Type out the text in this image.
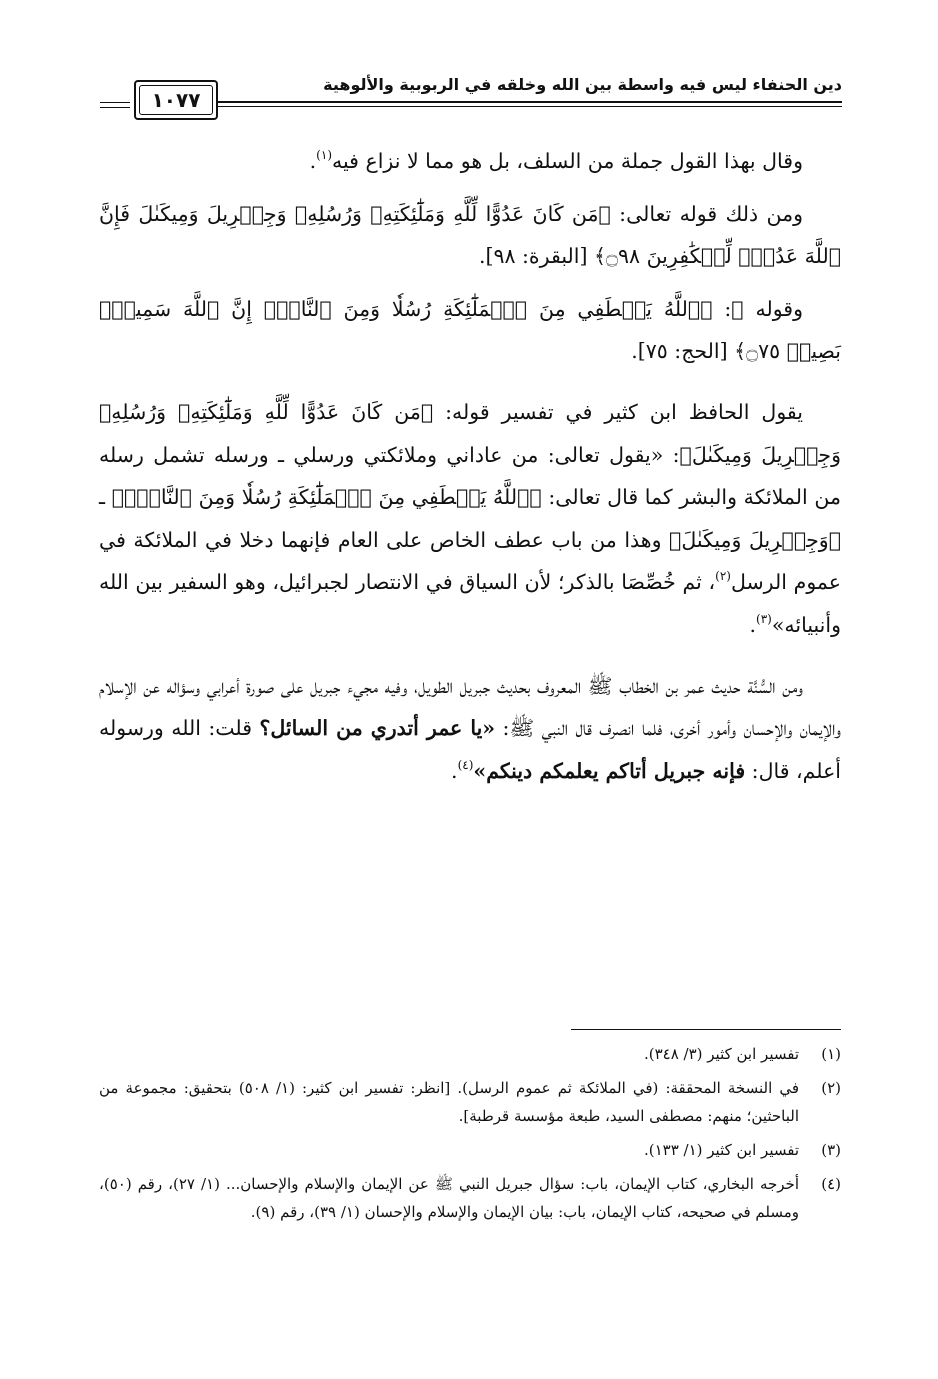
دين الحنفاء ليس فيه واسطة بين الله وخلقه في الربوبية والألوهية
١٠٧٧

وقال بهذا القول جملة من السلف، بل هو مما لا نزاع فيه$^{(١)}$.

ومن ذلك قوله تعالى: ﴿مَن كَانَ عَدُوًّا لِّلَّهِ وَمَلَٰٓئِكَتِهِۦ وَرُسُلِهِۦ وَجِبۡرِيلَ وَمِيكَىٰلَ فَإِنَّ ٱللَّهَ عَدُوّٞ لِّلۡكَٰفِرِينَ ۝٩٨﴾ [البقرة: ٩٨].

وقوله ﷻ: ﴿ٱللَّهُ يَصۡطَفِي مِنَ ٱلۡمَلَٰٓئِكَةِ رُسُلٗا وَمِنَ ٱلنَّاسِۚ إِنَّ ٱللَّهَ سَمِيعُۢ بَصِيرٞ ۝٧٥﴾ [الحج: ٧٥].

يقول الحافظ ابن كثير في تفسير قوله: ﴿مَن كَانَ عَدُوًّا لِّلَّهِ وَمَلَٰٓئِكَتِهِۦ وَرُسُلِهِۦ وَجِبۡرِيلَ وَمِيكَىٰلَ﴾: «يقول تعالى: من عاداني وملائكتي ورسلي ـ ورسله تشمل رسله من الملائكة والبشر كما قال تعالى: ﴿ٱللَّهُ يَصۡطَفِي مِنَ ٱلۡمَلَٰٓئِكَةِ رُسُلٗا وَمِنَ ٱلنَّاسِۚ﴾ ـ ﴿وَجِبۡرِيلَ وَمِيكَىٰلَ﴾ وهذا من باب عطف الخاص على العام فإنهما دخلا في الملائكة في عموم الرسل$^{(٢)}$، ثم خُصِّصَا بالذكر؛ لأن السياق في الانتصار لجبرائيل، وهو السفير بين الله وأنبيائه»$^{(٣)}$.

ومن السُّنَّة حديث عمر بن الخطاب ﷺ المعروف بحديث جبريل الطويل، وفيه مجيء جبريل على صورة أعرابي وسؤاله عن الإسلام والإيمان والإحسان وأمور أخرى، فلما انصرف قال النبي ﷺ: «يا عمر أتدري من السائل؟ قلت: الله ورسوله أعلم، قال: فإنه جبريل أتاكم يعلمكم دينكم»$^{(٤)}$.

(١)
تفسير ابن كثير (٣/ ٣٤٨).
(٢)
في النسخة المحققة: (في الملائكة ثم عموم الرسل). [انظر: تفسير ابن كثير: (١/ ٥٠٨) بتحقيق: مجموعة من الباحثين؛ منهم: مصطفى السيد، طبعة مؤسسة قرطبة].
(٣)
تفسير ابن كثير (١/ ١٣٣).
(٤)
أخرجه البخاري، كتاب الإيمان، باب: سؤال جبريل النبي ﷺ عن الإيمان والإسلام والإحسان... (١/ ٢٧)، رقم (٥٠)، ومسلم في صحيحه، كتاب الإيمان، باب: بيان الإيمان والإسلام والإحسان (١/ ٣٩)، رقم (٩).
